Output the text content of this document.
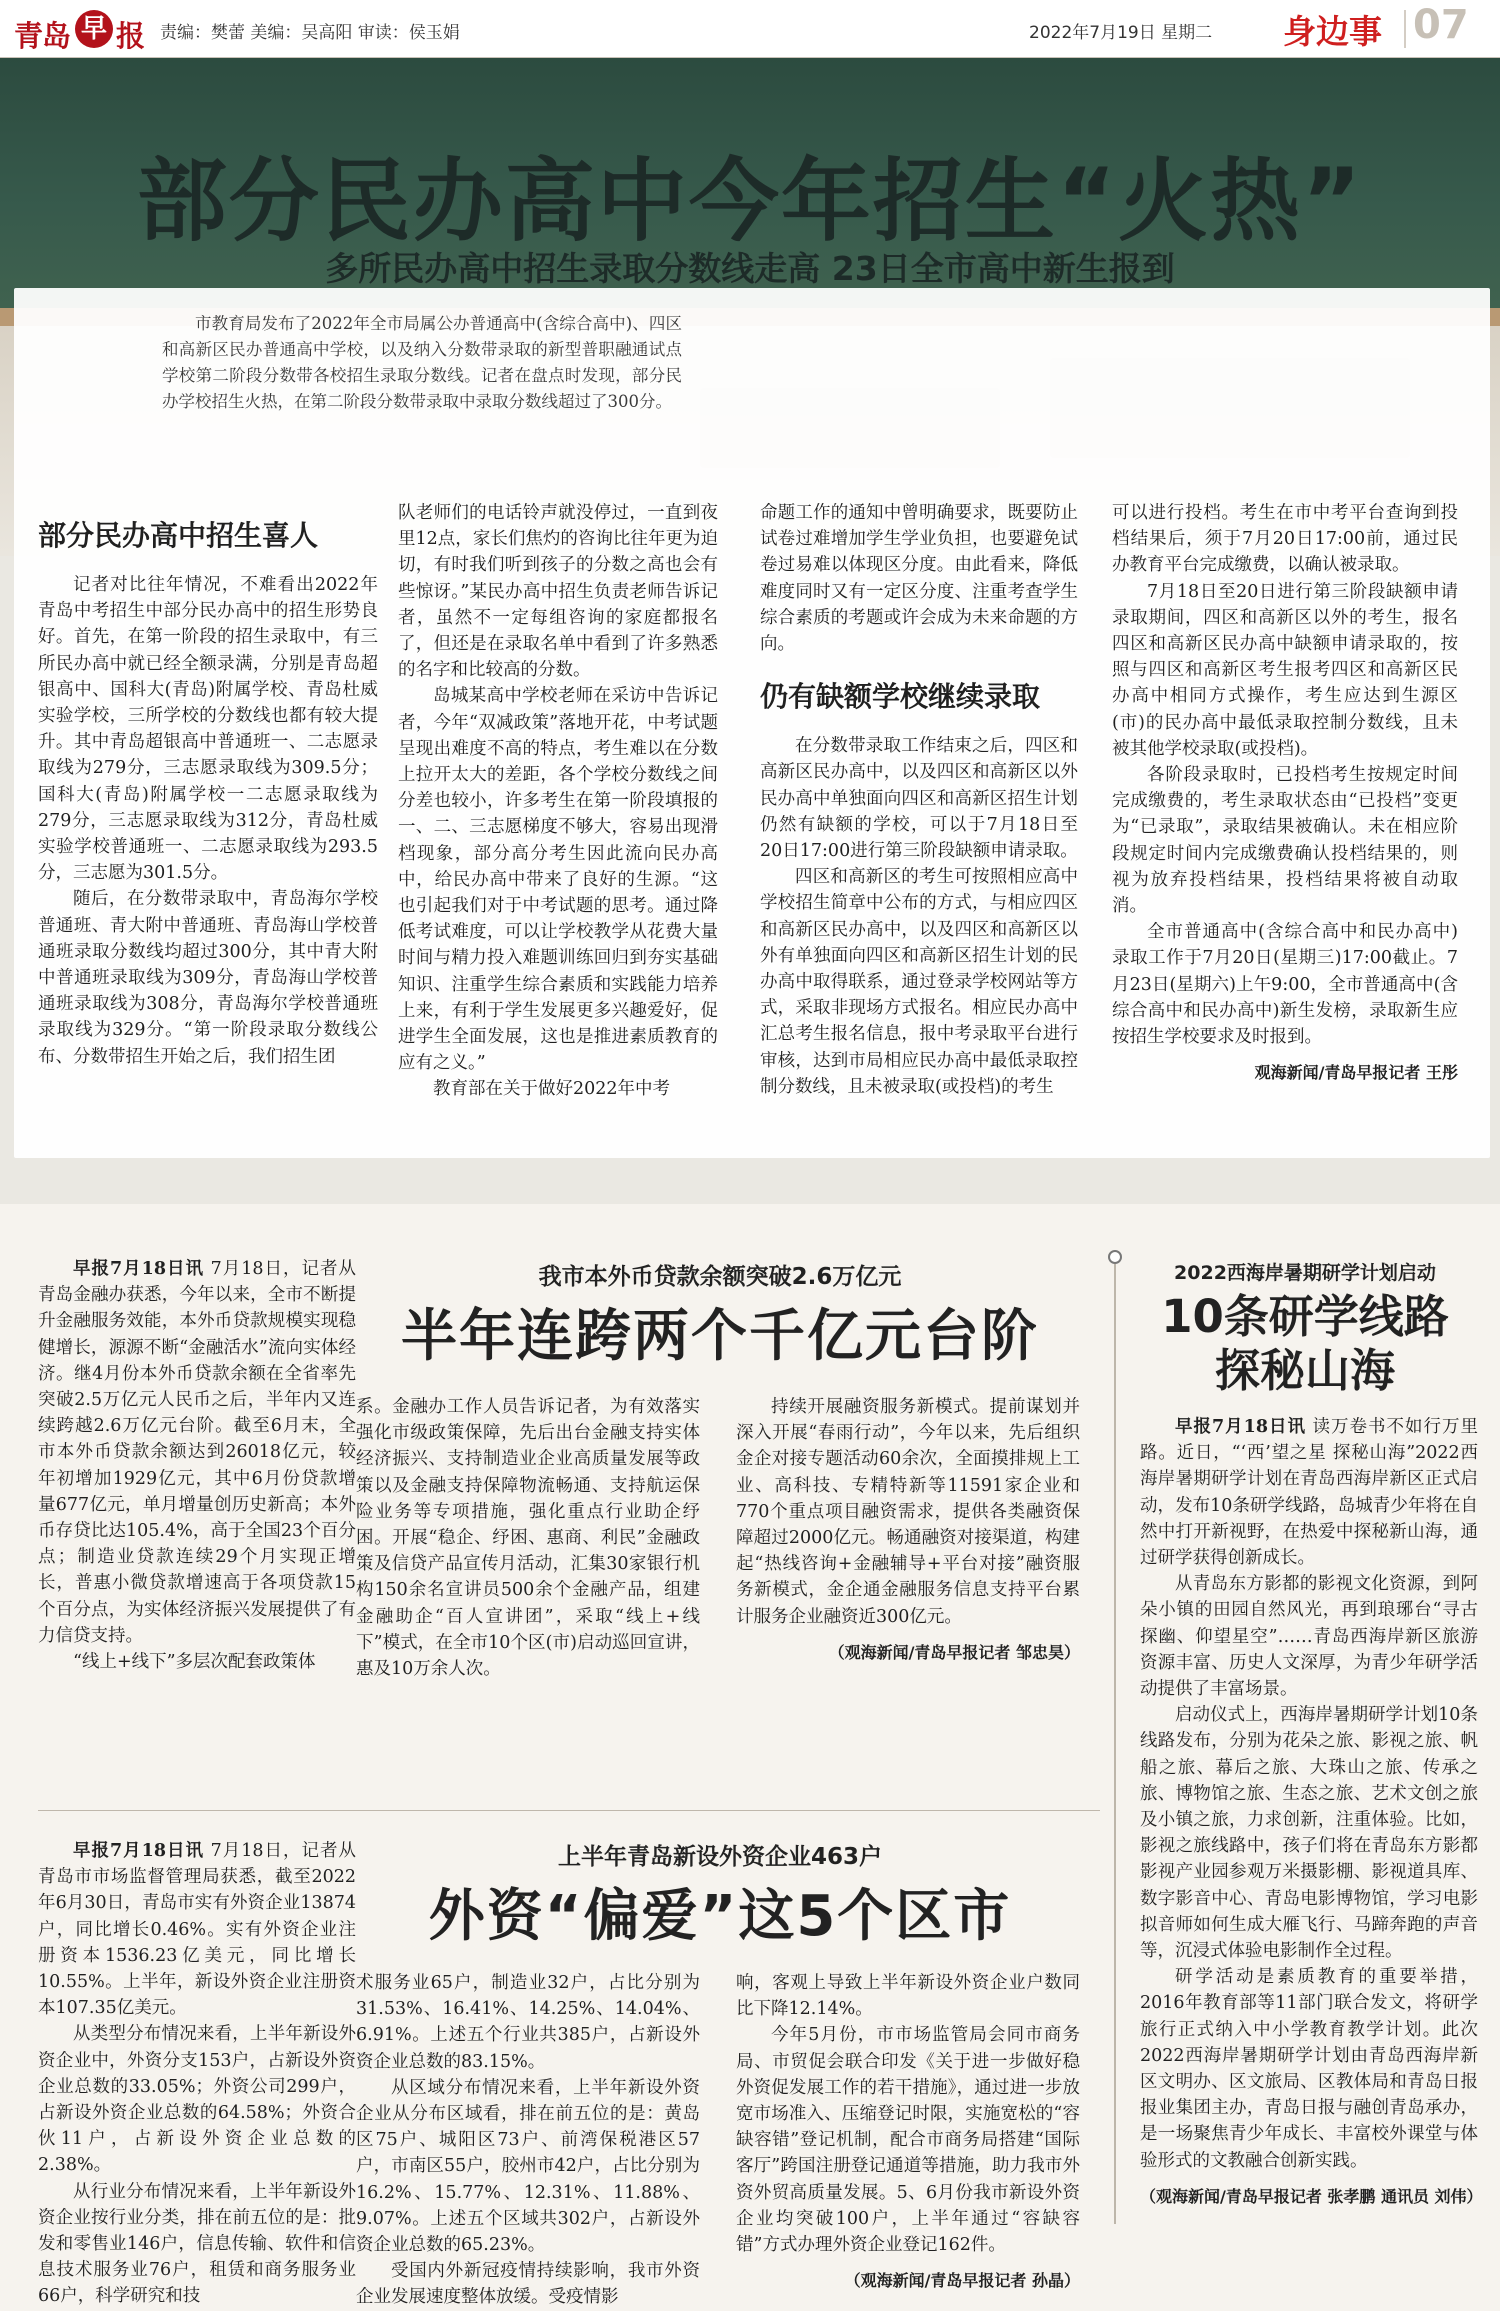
青岛 早 报 责编：樊蕾 美编：吴高阳 审读：侯玉娟	2022年7月19日 星期二 身边事 07
部分民办高中今年招生“火热”
多所民办高中招生录取分数线走高 23日全市高中新生报到
市教育局发布了2022年全市局属公办普通高中(含综合高中)、四区和高新区民办普通高中学校，以及纳入分数带录取的新型普职融通试点学校第二阶段分数带各校招生录取分数线。记者在盘点时发现，部分民办学校招生火热，在第二阶段分数带录取中录取分数线超过了300分。
部分民办高中招生喜人

记者对比往年情况，不难看出2022年青岛中考招生中部分民办高中的招生形势良好。首先，在第一阶段的招生录取中，有三所民办高中就已经全额录满，分别是青岛超银高中、国科大(青岛)附属学校、青岛杜威实验学校，三所学校的分数线也都有较大提升。其中青岛超银高中普通班一、二志愿录取线为279分，三志愿录取线为309.5分；国科大(青岛)附属学校一二志愿录取线为279分，三志愿录取线为312分，青岛杜威实验学校普通班一、二志愿录取线为293.5分，三志愿为301.5分。

随后，在分数带录取中，青岛海尔学校普通班、青大附中普通班、青岛海山学校普通班录取分数线均超过300分，其中青大附中普通班录取线为309分，青岛海山学校普通班录取线为308分，青岛海尔学校普通班录取线为329分。“第一阶段录取分数线公布、分数带招生开始之后，我们招生团

队老师们的电话铃声就没停过，一直到夜里12点，家长们焦灼的咨询比往年更为迫切，有时我们听到孩子的分数之高也会有些惊讶。”某民办高中招生负责老师告诉记者，虽然不一定每组咨询的家庭都报名了，但还是在录取名单中看到了许多熟悉的名字和比较高的分数。

岛城某高中学校老师在采访中告诉记者，今年“双减政策”落地开花，中考试题呈现出难度不高的特点，考生难以在分数上拉开太大的差距，各个学校分数线之间分差也较小，许多考生在第一阶段填报的一、二、三志愿梯度不够大，容易出现滑档现象，部分高分考生因此流向民办高中，给民办高中带来了良好的生源。“这也引起我们对于中考试题的思考。通过降低考试难度，可以让学校教学从花费大量时间与精力投入难题训练回归到夯实基础知识、注重学生综合素质和实践能力培养上来，有利于学生发展更多兴趣爱好，促进学生全面发展，这也是推进素质教育的应有之义。”

教育部在关于做好2022年中考

命题工作的通知中曾明确要求，既要防止试卷过难增加学生学业负担，也要避免试卷过易难以体现区分度。由此看来，降低难度同时又有一定区分度、注重考查学生综合素质的考题或许会成为未来命题的方向。

仍有缺额学校继续录取

在分数带录取工作结束之后，四区和高新区民办高中，以及四区和高新区以外民办高中单独面向四区和高新区招生计划仍然有缺额的学校，可以于7月18日至20日17:00进行第三阶段缺额申请录取。

四区和高新区的考生可按照相应高中学校招生简章中公布的方式，与相应四区和高新区民办高中，以及四区和高新区以外有单独面向四区和高新区招生计划的民办高中取得联系，通过登录学校网站等方式，采取非现场方式报名。相应民办高中汇总考生报名信息，报中考录取平台进行审核，达到市局相应民办高中最低录取控制分数线，且未被录取(或投档)的考生

可以进行投档。考生在市中考平台查询到投档结果后，须于7月20日17:00前，通过民办教育平台完成缴费，以确认被录取。

7月18日至20日进行第三阶段缺额申请录取期间，四区和高新区以外的考生，报名四区和高新区民办高中缺额申请录取的，按照与四区和高新区考生报考四区和高新区民办高中相同方式操作，考生应达到生源区(市)的民办高中最低录取控制分数线，且未被其他学校录取(或投档)。

各阶段录取时，已投档考生按规定时间完成缴费的，考生录取状态由“已投档”变更为“已录取”，录取结果被确认。未在相应阶段规定时间内完成缴费确认投档结果的，则视为放弃投档结果，投档结果将被自动取消。

全市普通高中(含综合高中和民办高中)录取工作于7月20日(星期三)17:00截止。7月23日(星期六)上午9:00，全市普通高中(含综合高中和民办高中)新生发榜，录取新生应按招生学校要求及时报到。

观海新闻/青岛早报记者 王彤

早报7月18日讯 7月18日，记者从青岛金融办获悉，今年以来，全市不断提升金融服务效能，本外币贷款规模实现稳健增长，源源不断“金融活水”流向实体经济。继4月份本外币贷款余额在全省率先突破2.5万亿元人民币之后，半年内又连续跨越2.6万亿元台阶。截至6月末，全市本外币贷款余额达到26018亿元，较年初增加1929亿元，其中6月份贷款增量677亿元，单月增量创历史新高；本外币存贷比达105.4%，高于全国23个百分点；制造业贷款连续29个月实现正增长，普惠小微贷款增速高于各项贷款15个百分点，为实体经济振兴发展提供了有力信贷支持。

“线上+线下”多层次配套政策体

我市本外币贷款余额突破2.6万亿元
半年连跨两个千亿元台阶

系。金融办工作人员告诉记者，为有效落实强化市级政策保障，先后出台金融支持实体经济振兴、支持制造业企业高质量发展等政策以及金融支持保障物流畅通、支持航运保险业务等专项措施，强化重点行业助企纾困。开展“稳企、纾困、惠商、利民”金融政策及信贷产品宣传月活动，汇集30家银行机构150余名宣讲员500余个金融产品，组建金融助企“百人宣讲团”，采取“线上+线下”模式，在全市10个区(市)启动巡回宣讲，惠及10万余人次。

持续开展融资服务新模式。提前谋划并深入开展“春雨行动”，今年以来，先后组织金企对接专题活动60余次，全面摸排规上工业、高科技、专精特新等11591家企业和770个重点项目融资需求，提供各类融资保障超过2000亿元。畅通融资对接渠道，构建起“热线咨询+金融辅导+平台对接”融资服务新模式，金企通金融服务信息支持平台累计服务企业融资近300亿元。

（观海新闻/青岛早报记者 邹忠昊）
2022西海岸暑期研学计划启动
10条研学线路
探秘山海

早报7月18日讯 读万卷书不如行万里路。近日，“‘西’望之星 探秘山海”2022西海岸暑期研学计划在青岛西海岸新区正式启动，发布10条研学线路，岛城青少年将在自然中打开新视野，在热爱中探秘新山海，通过研学获得创新成长。

从青岛东方影都的影视文化资源，到阿朵小镇的田园自然风光，再到琅琊台“寻古探幽、仰望星空”……青岛西海岸新区旅游资源丰富、历史人文深厚，为青少年研学活动提供了丰富场景。

启动仪式上，西海岸暑期研学计划10条线路发布，分别为花朵之旅、影视之旅、帆船之旅、幕后之旅、大珠山之旅、传承之旅、博物馆之旅、生态之旅、艺术文创之旅及小镇之旅，力求创新，注重体验。比如，影视之旅线路中，孩子们将在青岛东方影都影视产业园参观万米摄影棚、影视道具库、数字影音中心、青岛电影博物馆，学习电影拟音师如何生成大雁飞行、马蹄奔跑的声音等，沉浸式体验电影制作全过程。

研学活动是素质教育的重要举措，2016年教育部等11部门联合发文，将研学旅行正式纳入中小学教育教学计划。此次2022西海岸暑期研学计划由青岛西海岸新区文明办、区文旅局、区教体局和青岛日报报业集团主办，青岛日报与融创青岛承办，是一场聚焦青少年成长、丰富校外课堂与体验形式的文教融合创新实践。

（观海新闻/青岛早报记者 张孝鹏 通讯员 刘伟）

早报7月18日讯 7月18日，记者从青岛市市场监督管理局获悉，截至2022年6月30日，青岛市实有外资企业13874户，同比增长0.46%。实有外资企业注册资本1536.23亿美元，同比增长10.55%。上半年，新设外资企业注册资本107.35亿美元。

从类型分布情况来看，上半年新设外资企业中，外资分支153户，占新设外资企业总数的33.05%；外资公司299户，占新设外资企业总数的64.58%；外资合伙11户，占新设外资企业总数的2.38%。

从行业分布情况来看，上半年新设外资企业按行业分类，排在前五位的是：批发和零售业146户，信息传输、软件和信息技术服务业76户，租赁和商务服务业66户，科学研究和技

上半年青岛新设外资企业463户
外资“偏爱”这5个区市

术服务业65户，制造业32户，占比分别为31.53%、16.41%、14.25%、14.04%、6.91%。上述五个行业共385户，占新设外资企业总数的83.15%。

从区域分布情况来看，上半年新设外资企业从分布区域看，排在前五位的是：黄岛区75户、城阳区73户、前湾保税港区57户，市南区55户，胶州市42户，占比分别为16.2%、15.77%、12.31%、11.88%、9.07%。上述五个区域共302户，占新设外资企业总数的65.23%。

受国内外新冠疫情持续影响，我市外资企业发展速度整体放缓。受疫情影

响，客观上导致上半年新设外资企业户数同比下降12.14%。

今年5月份，市市场监管局会同市商务局、市贸促会联合印发《关于进一步做好稳外资促发展工作的若干措施》，通过进一步放宽市场准入、压缩登记时限，实施宽松的“容缺容错”登记机制，配合市商务局搭建“国际客厅”跨国注册登记通道等措施，助力我市外资外贸高质量发展。5、6月份我市新设外资企业均突破100户，上半年通过“容缺容错”方式办理外资企业登记162件。

（观海新闻/青岛早报记者 孙晶）
